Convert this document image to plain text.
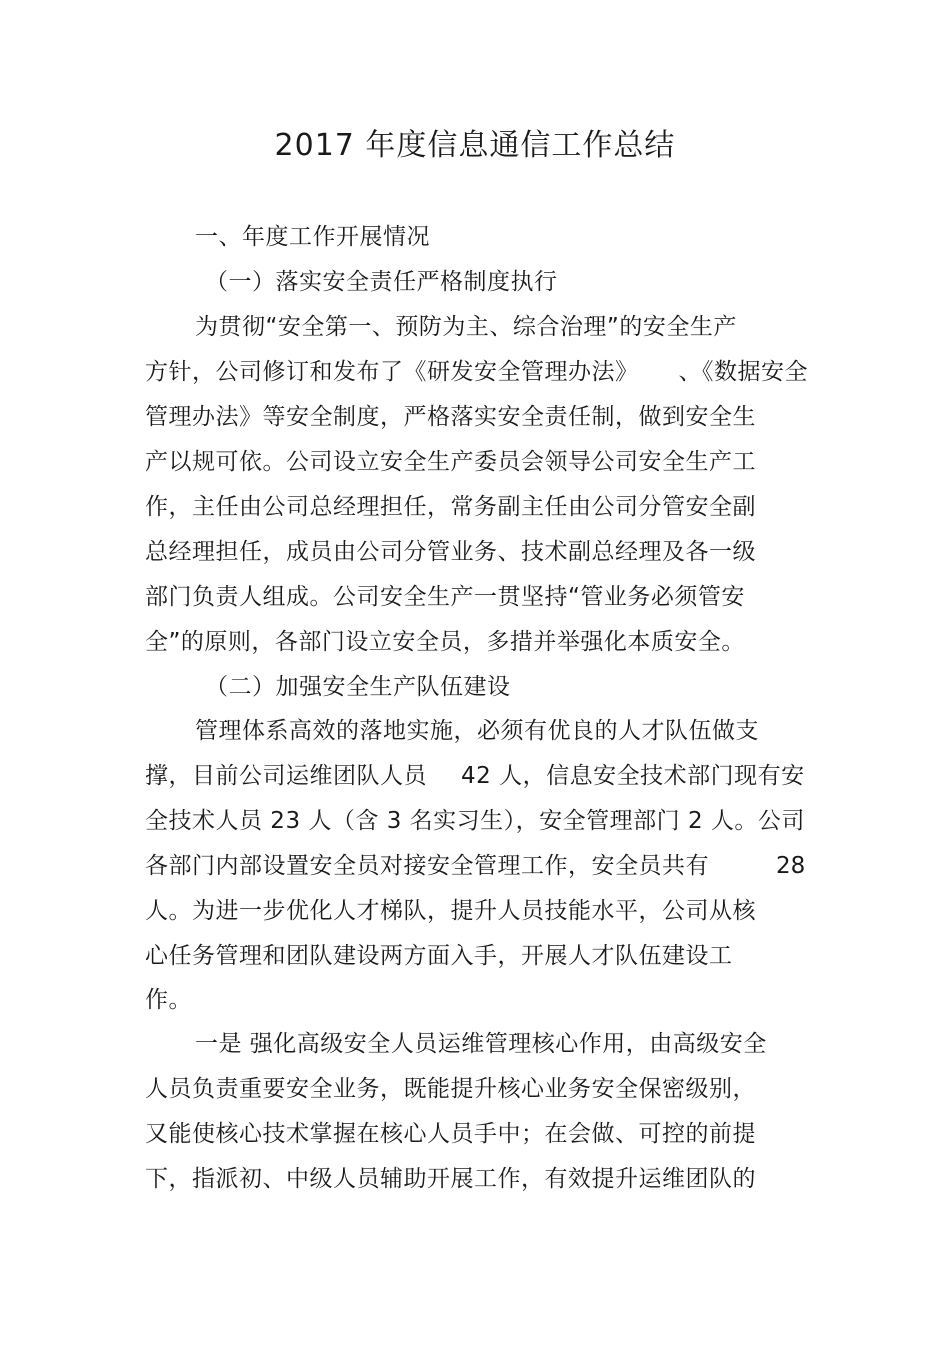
2017 年度信息通信工作总结
一、年度工作开展情况
（一）落实安全责任严格制度执行
为贯彻“安全第一、预防为主、综合治理”的安全生产
方针，公司修订和发布了《研发安全管理办法》 、《数据安全
管理办法》等安全制度，严格落实安全责任制，做到安全生
产以规可依。公司设立安全生产委员会领导公司安全生产工
作，主任由公司总经理担任，常务副主任由公司分管安全副
总经理担任，成员由公司分管业务、技术副总经理及各一级
部门负责人组成。公司安全生产一贯坚持“管业务必须管安
全”的原则，各部门设立安全员，多措并举强化本质安全。
（二）加强安全生产队伍建设
管理体系高效的落地实施，必须有优良的人才队伍做支
撑，目前公司运维团队人员 42 人，信息安全技术部门现有安
全技术人员 23 人（含 3 名实习生），安全管理部门 2 人。公司
各部门内部设置安全员对接安全管理工作，安全员共有	28
人。为进一步优化人才梯队，提升人员技能水平，公司从核
心任务管理和团队建设两方面入手，开展人才队伍建设工
作。
一是 强化高级安全人员运维管理核心作用，由高级安全
人员负责重要安全业务，既能提升核心业务安全保密级别，
又能使核心技术掌握在核心人员手中；在会做、可控的前提
下，指派初、中级人员辅助开展工作，有效提升运维团队的
